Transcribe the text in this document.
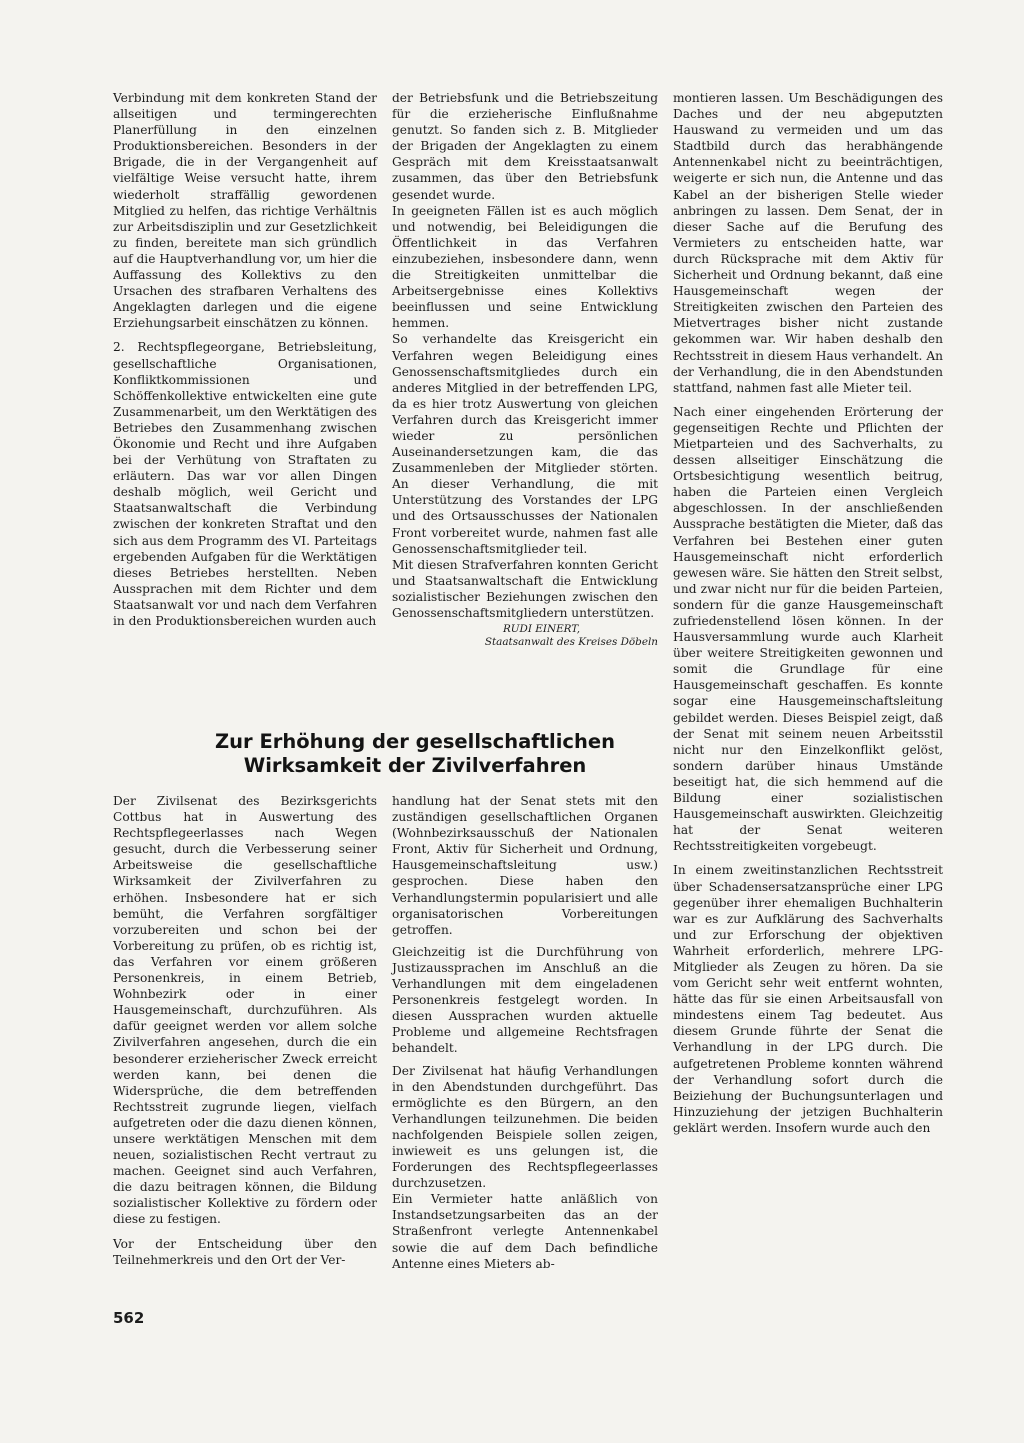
Verbindung mit dem konkreten Stand der allseitigen und termingerechten Planerfüllung in den einzelnen Produktionsbereichen. Besonders in der Brigade, die in der Vergangenheit auf vielfältige Weise versucht hatte, ihrem wiederholt straffällig gewordenen Mitglied zu helfen, das richtige Verhältnis zur Arbeitsdisziplin und zur Gesetzlichkeit zu finden, bereitete man sich gründlich auf die Hauptverhandlung vor, um hier die Auffassung des Kollektivs zu den Ursachen des strafbaren Verhaltens des Angeklagten darlegen und die eigene Erziehungsarbeit einschätzen zu können.

2. Rechtspflegeorgane, Betriebsleitung, gesellschaftliche Organisationen, Konfliktkommissionen und Schöffenkollektive entwickelten eine gute Zusammenarbeit, um den Werktätigen des Betriebes den Zusammenhang zwischen Ökonomie und Recht und ihre Aufgaben bei der Verhütung von Straftaten zu erläutern. Das war vor allen Dingen deshalb möglich, weil Gericht und Staatsanwaltschaft die Verbindung zwischen der konkreten Straftat und den sich aus dem Programm des VI. Parteitags ergebenden Aufgaben für die Werktätigen dieses Betriebes herstellten. Neben Aussprachen mit dem Richter und dem Staatsanwalt vor und nach dem Verfahren in den Produktionsbereichen wurden auch

der Betriebsfunk und die Betriebszeitung für die erzieherische Einflußnahme genutzt. So fanden sich z. B. Mitglieder der Brigaden der Angeklagten zu einem Gespräch mit dem Kreisstaatsanwalt zusammen, das über den Betriebsfunk gesendet wurde.

In geeigneten Fällen ist es auch möglich und notwendig, bei Beleidigungen die Öffentlichkeit in das Verfahren einzubeziehen, insbesondere dann, wenn die Streitigkeiten unmittelbar die Arbeitsergebnisse eines Kollektivs beeinflussen und seine Entwicklung hemmen.

So verhandelte das Kreisgericht ein Verfahren wegen Beleidigung eines Genossenschaftsmitgliedes durch ein anderes Mitglied in der betreffenden LPG, da es hier trotz Auswertung von gleichen Verfahren durch das Kreisgericht immer wieder zu persönlichen Auseinandersetzungen kam, die das Zusammenleben der Mitglieder störten. An dieser Verhandlung, die mit Unterstützung des Vorstandes der LPG und des Ortsausschusses der Nationalen Front vorbereitet wurde, nahmen fast alle Genossenschaftsmitglieder teil.

Mit diesen Strafverfahren konnten Gericht und Staatsanwaltschaft die Entwicklung sozialistischer Beziehungen zwischen den Genossenschaftsmitgliedern unterstützen.

RUDI EINERT,
Staatsanwalt des Kreises Döbeln

montieren lassen. Um Beschädigungen des Daches und der neu abgeputzten Hauswand zu vermeiden und um das Stadtbild durch das herabhängende Antennenkabel nicht zu beeinträchtigen, weigerte er sich nun, die Antenne und das Kabel an der bisherigen Stelle wieder anbringen zu lassen. Dem Senat, der in dieser Sache auf die Berufung des Vermieters zu entscheiden hatte, war durch Rücksprache mit dem Aktiv für Sicherheit und Ordnung bekannt, daß eine Hausgemeinschaft wegen der Streitigkeiten zwischen den Parteien des Mietvertrages bisher nicht zustande gekommen war. Wir haben deshalb den Rechtsstreit in diesem Haus verhandelt. An der Verhandlung, die in den Abendstunden stattfand, nahmen fast alle Mieter teil.

Nach einer eingehenden Erörterung der gegenseitigen Rechte und Pflichten der Mietparteien und des Sachverhalts, zu dessen allseitiger Einschätzung die Ortsbesichtigung wesentlich beitrug, haben die Parteien einen Vergleich abgeschlossen. In der anschließenden Aussprache bestätigten die Mieter, daß das Verfahren bei Bestehen einer guten Hausgemeinschaft nicht erforderlich gewesen wäre. Sie hätten den Streit selbst, und zwar nicht nur für die beiden Parteien, sondern für die ganze Hausgemeinschaft zufriedenstellend lösen können. In der Hausversammlung wurde auch Klarheit über weitere Streitigkeiten gewonnen und somit die Grundlage für eine Hausgemeinschaft geschaffen. Es konnte sogar eine Hausgemeinschaftsleitung gebildet werden. Dieses Beispiel zeigt, daß der Senat mit seinem neuen Arbeitsstil nicht nur den Einzelkonflikt gelöst, sondern darüber hinaus Umstände beseitigt hat, die sich hemmend auf die Bildung einer sozialistischen Hausgemeinschaft auswirkten. Gleichzeitig hat der Senat weiteren Rechtsstreitigkeiten vorgebeugt.

In einem zweitinstanzlichen Rechtsstreit über Schadensersatzansprüche einer LPG gegenüber ihrer ehemaligen Buchhalterin war es zur Aufklärung des Sachverhalts und zur Erforschung der objektiven Wahrheit erforderlich, mehrere LPG-Mitglieder als Zeugen zu hören. Da sie vom Gericht sehr weit entfernt wohnten, hätte das für sie einen Arbeitsausfall von mindestens einem Tag bedeutet. Aus diesem Grunde führte der Senat die Verhandlung in der LPG durch. Die aufgetretenen Probleme konnten während der Verhandlung sofort durch die Beiziehung der Buchungsunterlagen und Hinzuziehung der jetzigen Buchhalterin geklärt werden. Insofern wurde auch den

Zur Erhöhung der gesellschaftlichen
Wirksamkeit der Zivilverfahren

Der Zivilsenat des Bezirksgerichts Cottbus hat in Auswertung des Rechtspflegeerlasses nach Wegen gesucht, durch die Verbesserung seiner Arbeitsweise die gesellschaftliche Wirksamkeit der Zivilverfahren zu erhöhen. Insbesondere hat er sich bemüht, die Verfahren sorgfältiger vorzubereiten und schon bei der Vorbereitung zu prüfen, ob es richtig ist, das Verfahren vor einem größeren Personenkreis, in einem Betrieb, Wohnbezirk oder in einer Hausgemeinschaft, durchzuführen. Als dafür geeignet werden vor allem solche Zivilverfahren angesehen, durch die ein besonderer erzieherischer Zweck erreicht werden kann, bei denen die Widersprüche, die dem betreffenden Rechtsstreit zugrunde liegen, vielfach aufgetreten oder die dazu dienen können, unsere werktätigen Menschen mit dem neuen, sozialistischen Recht vertraut zu machen. Geeignet sind auch Verfahren, die dazu beitragen können, die Bildung sozialistischer Kollektive zu fördern oder diese zu festigen.

Vor der Entscheidung über den Teilnehmerkreis und den Ort der Ver-

handlung hat der Senat stets mit den zuständigen gesellschaftlichen Organen (Wohnbezirksausschuß der Nationalen Front, Aktiv für Sicherheit und Ordnung, Hausgemeinschaftsleitung usw.) gesprochen. Diese haben den Verhandlungstermin popularisiert und alle organisatorischen Vorbereitungen getroffen.

Gleichzeitig ist die Durchführung von Justizaussprachen im Anschluß an die Verhandlungen mit dem eingeladenen Personenkreis festgelegt worden. In diesen Aussprachen wurden aktuelle Probleme und allgemeine Rechtsfragen behandelt.

Der Zivilsenat hat häufig Verhandlungen in den Abendstunden durchgeführt. Das ermöglichte es den Bürgern, an den Verhandlungen teilzunehmen. Die beiden nachfolgenden Beispiele sollen zeigen, inwieweit es uns gelungen ist, die Forderungen des Rechtspflegeerlasses durchzusetzen.

Ein Vermieter hatte anläßlich von Instandsetzungsarbeiten das an der Straßenfront verlegte Antennenkabel sowie die auf dem Dach befindliche Antenne eines Mieters ab-

562
